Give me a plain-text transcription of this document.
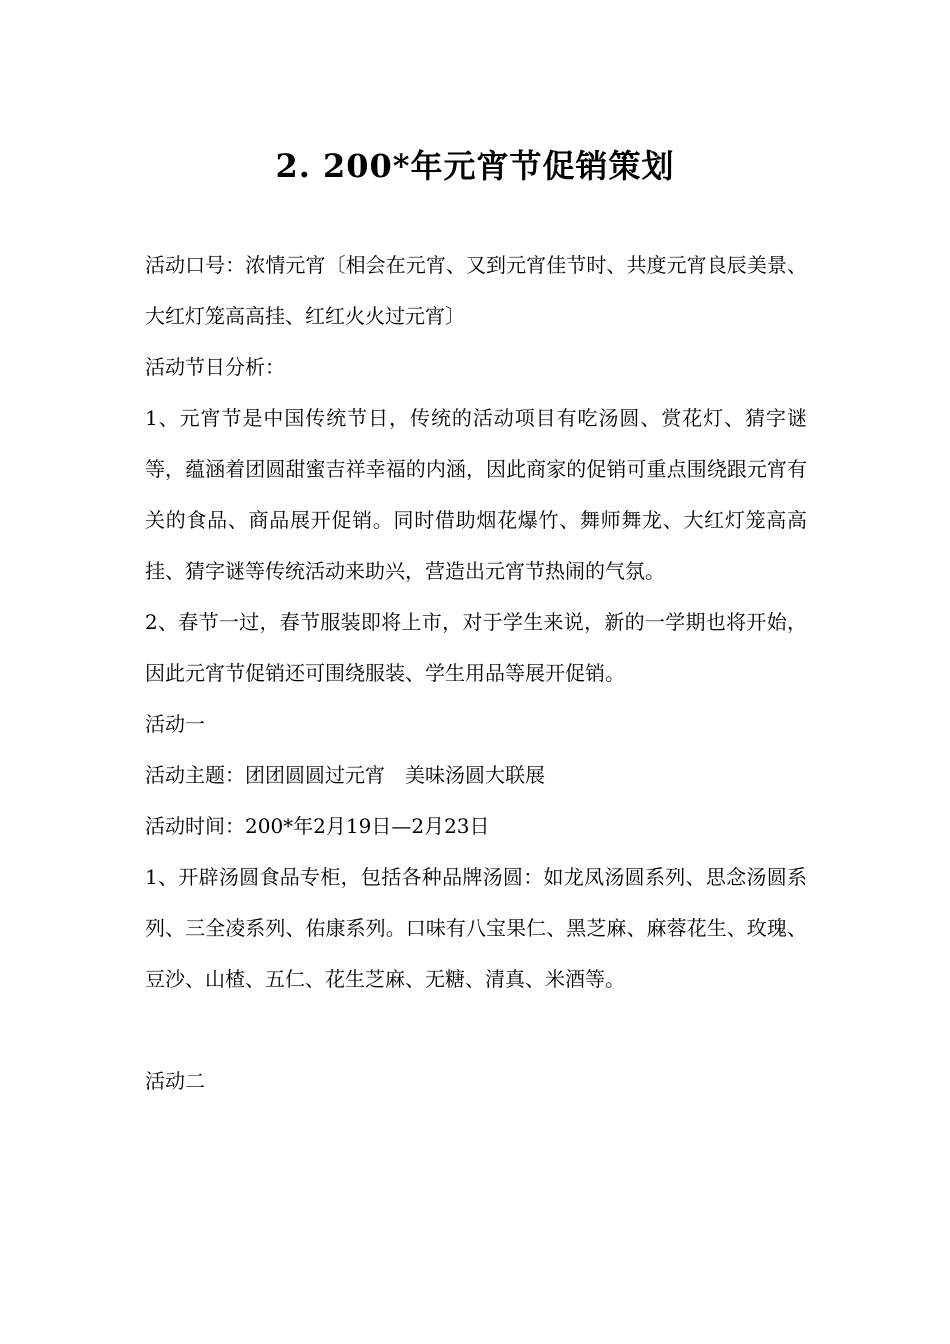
2. 200*年元宵节促销策划

活动口号：浓情元宵〔相会在元宵、又到元宵佳节时、共度元宵良辰美景、大红灯笼高高挂、红红火火过元宵〕

活动节日分析：

1、元宵节是中国传统节日，传统的活动项目有吃汤圆、赏花灯、猜字谜等，蕴涵着团圆甜蜜吉祥幸福的内涵，因此商家的促销可重点围绕跟元宵有关的食品、商品展开促销。同时借助烟花爆竹、舞师舞龙、大红灯笼高高挂、猜字谜等传统活动来助兴，营造出元宵节热闹的气氛。

2、春节一过，春节服装即将上市，对于学生来说，新的一学期也将开始，因此元宵节促销还可围绕服装、学生用品等展开促销。

活动一

活动主题：团团圆圆过元宵　美味汤圆大联展

活动时间：200*年2月19日—2月23日

1、开辟汤圆食品专柜，包括各种品牌汤圆：如龙凤汤圆系列、思念汤圆系列、三全凌系列、佑康系列。口味有八宝果仁、黑芝麻、麻蓉花生、玫瑰、豆沙、山楂、五仁、花生芝麻、无糖、清真、米酒等。

活动二
